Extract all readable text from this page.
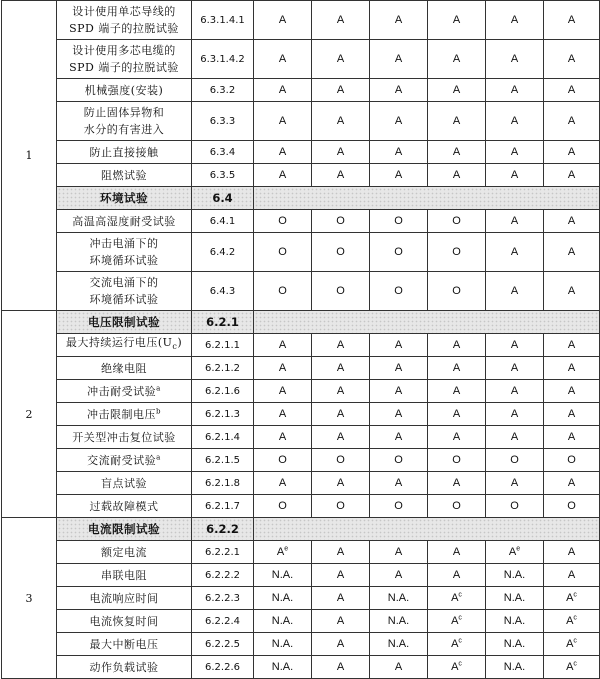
1	设计使用单芯导线的
SPD 端子的拉脱试验	6.3.1.4.1	A	A	A	A	A	A
	设计使用多芯电缆的
SPD 端子的拉脱试验	6.3.1.4.2	A	A	A	A	A	A
	机械强度(安装)	6.3.2	A	A	A	A	A	A
	防止固体异物和
水分的有害进入	6.3.3	A	A	A	A	A	A
	防止直接接触	6.3.4	A	A	A	A	A	A
	阻燃试验	6.3.5	A	A	A	A	A	A
	环境试验	6.4						
	高温高湿度耐受试验	6.4.1	O	O	O	O	A	A
	冲击电涌下的
环境循环试验	6.4.2	O	O	O	O	A	A
	交流电涌下的
环境循环试验	6.4.3	O	O	O	O	A	A
2	电压限制试验	6.2.1						
	最大持续运行电压$(U_c)$	6.2.1.1	A	A	A	A	A	A
	绝缘电阻	6.2.1.2	A	A	A	A	A	A
	冲击耐受试验$^a$	6.2.1.6	A	A	A	A	A	A
	冲击限制电压$^b$	6.2.1.3	A	A	A	A	A	A
	开关型冲击复位试验	6.2.1.4	A	A	A	A	A	A
	交流耐受试验$^a$	6.2.1.5	O	O	O	O	O	O
	盲点试验	6.2.1.8	A	A	A	A	A	A
	过载故障模式	6.2.1.7	O	O	O	O	O	O
3	电流限制试验	6.2.2						
	额定电流	6.2.2.1	$A^e$	A	A	A	$A^e$	A
	串联电阻	6.2.2.2	N.A.	A	A	A	N.A.	A
	电流响应时间	6.2.2.3	N.A.	A	N.A.	$A^c$	N.A.	$A^c$
	电流恢复时间	6.2.2.4	N.A.	A	N.A.	$A^c$	N.A.	$A^c$
	最大中断电压	6.2.2.5	N.A.	A	N.A.	$A^c$	N.A.	$A^c$
	动作负载试验	6.2.2.6	N.A.	A	A	$A^c$	N.A.	$A^c$
